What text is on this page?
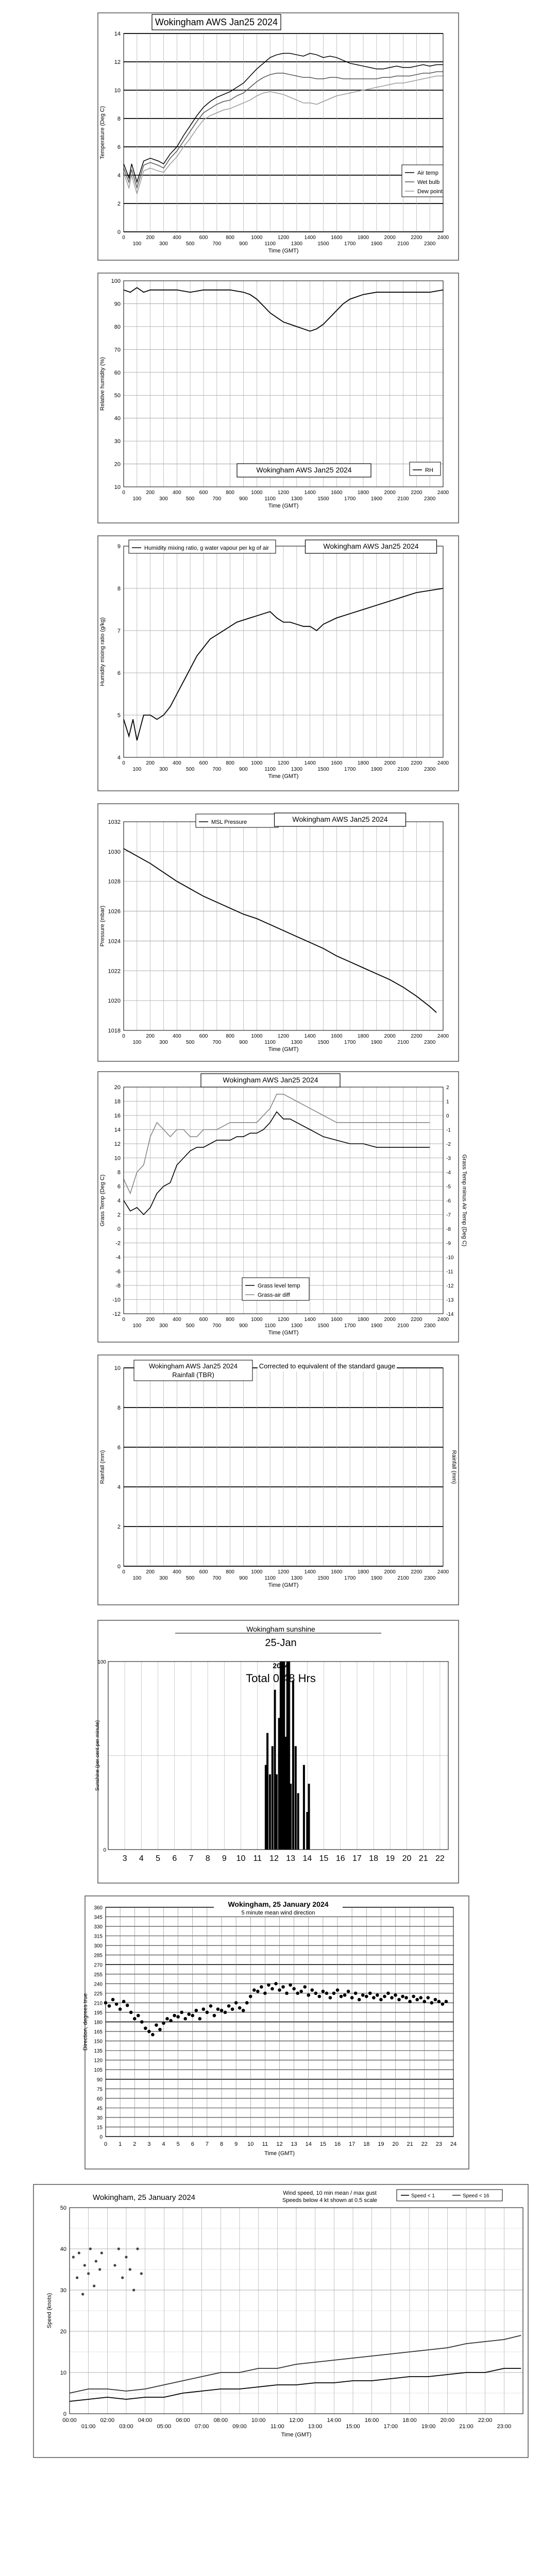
0
2
4
6
8
10
12
14
Temperature (Deg C)
0
100
200
300
400
500
600
700
800
900
1000
1100
1200
1300
1400
1500
1600
1700
1800
1900
2000
2100
2200
2300
2400
Time (GMT)
Wokingham AWS Jan25 2024
Air temp
Wet bulb
Dew point
10
20
30
40
50
60
70
80
90
100
Relative humidity (%)
0
100
200
300
400
500
600
700
800
900
1000
1100
1200
1300
1400
1500
1600
1700
1800
1900
2000
2100
2200
2300
2400
Time (GMT)
Wokingham AWS Jan25 2024	RH
4
5
6
7
8
9
Humidity mixing ratio (g/kg)
0
100
200
300
400
500
600
700
800
900
1000
1100
1200
1300
1400
1500
1600
1700
1800
1900
2000
2100
2200
2300
2400
Time (GMT)
Humidity mixing ratio, g water vapour per kg of air	Wokingham AWS Jan25 2024
1018
1020
1022
1024
1026
1028
1030
1032
Pressure (mbar)
0
100
200
300
400
500
600
700
800
900
1000
1100
1200
1300
1400
1500
1600
1700
1800
1900
2000
2100
2200
2300
2400
Time (GMT)
MSL Pressure	Wokingham AWS Jan25 2024
-12
-10
-8
-6
-4
-2
0
2
4
6
8
10
12
14
16
18
20
Grass Temp (Deg C)
-14
-13
-12
-11
-10
-9
-8
-7
-6
-5
-4
-3
-2
-1
0
1
2
Grass Temp minus Air Temp (Deg C)
0
100
200
300
400
500
600
700
800
900
1000
1100
1200
1300
1400
1500
1600
1700
1800
1900
2000
2100
2200
2300
2400
Time (GMT)
Wokingham AWS Jan25 2024
Grass level temp
Grass-air diff
0
2
4
6
8
10
Rainfall (mm)	Rainfall (mm)
0
100
200
300
400
500
600
700
800
900
1000
1100
1200
1300
1400
1500
1600
1700
1800
1900
2000
2100
2200
2300
2400
Time (GMT)
Wokingham AWS Jan25 2024
Rainfall (TBR)
Corrected to equivalent of the standard gauge
3 4 5 6 7 8 9 10 11 12 13 14 15 16 17 18 19 20 21 22
0
100
Sunshine (per cent per minute)
Wokingham sunshine
25-Jan
2024
Total 0.48 Hrs
0
15
30
45
60
75
90
105
120
135
150
165
180
195
210
225
240
255
270
285
300
315
330
345
360
0 1 2 3 4 5 6 7 8 9 10 11 12 13 14 15 16 17 18 19 20 21 22 23 24
Direction, degrees true
Time (GMT)
Wokingham, 25 January 2024
5 minute mean wind direction
0
10
20
30
40
50
00:00
01:00
02:00
03:00
04:00
05:00
06:00
07:00
08:00
09:00
10:00
11:00
12:00
13:00
14:00
15:00
16:00
17:00
18:00
19:00
20:00
21:00
22:00
23:00
Speed (knots)
Time (GMT)
Wokingham, 25 January 2024	Wind speed, 10 min mean / max gust
Speeds below 4 kt shown at 0.5 scale
Speed < 1	Speed < 16
